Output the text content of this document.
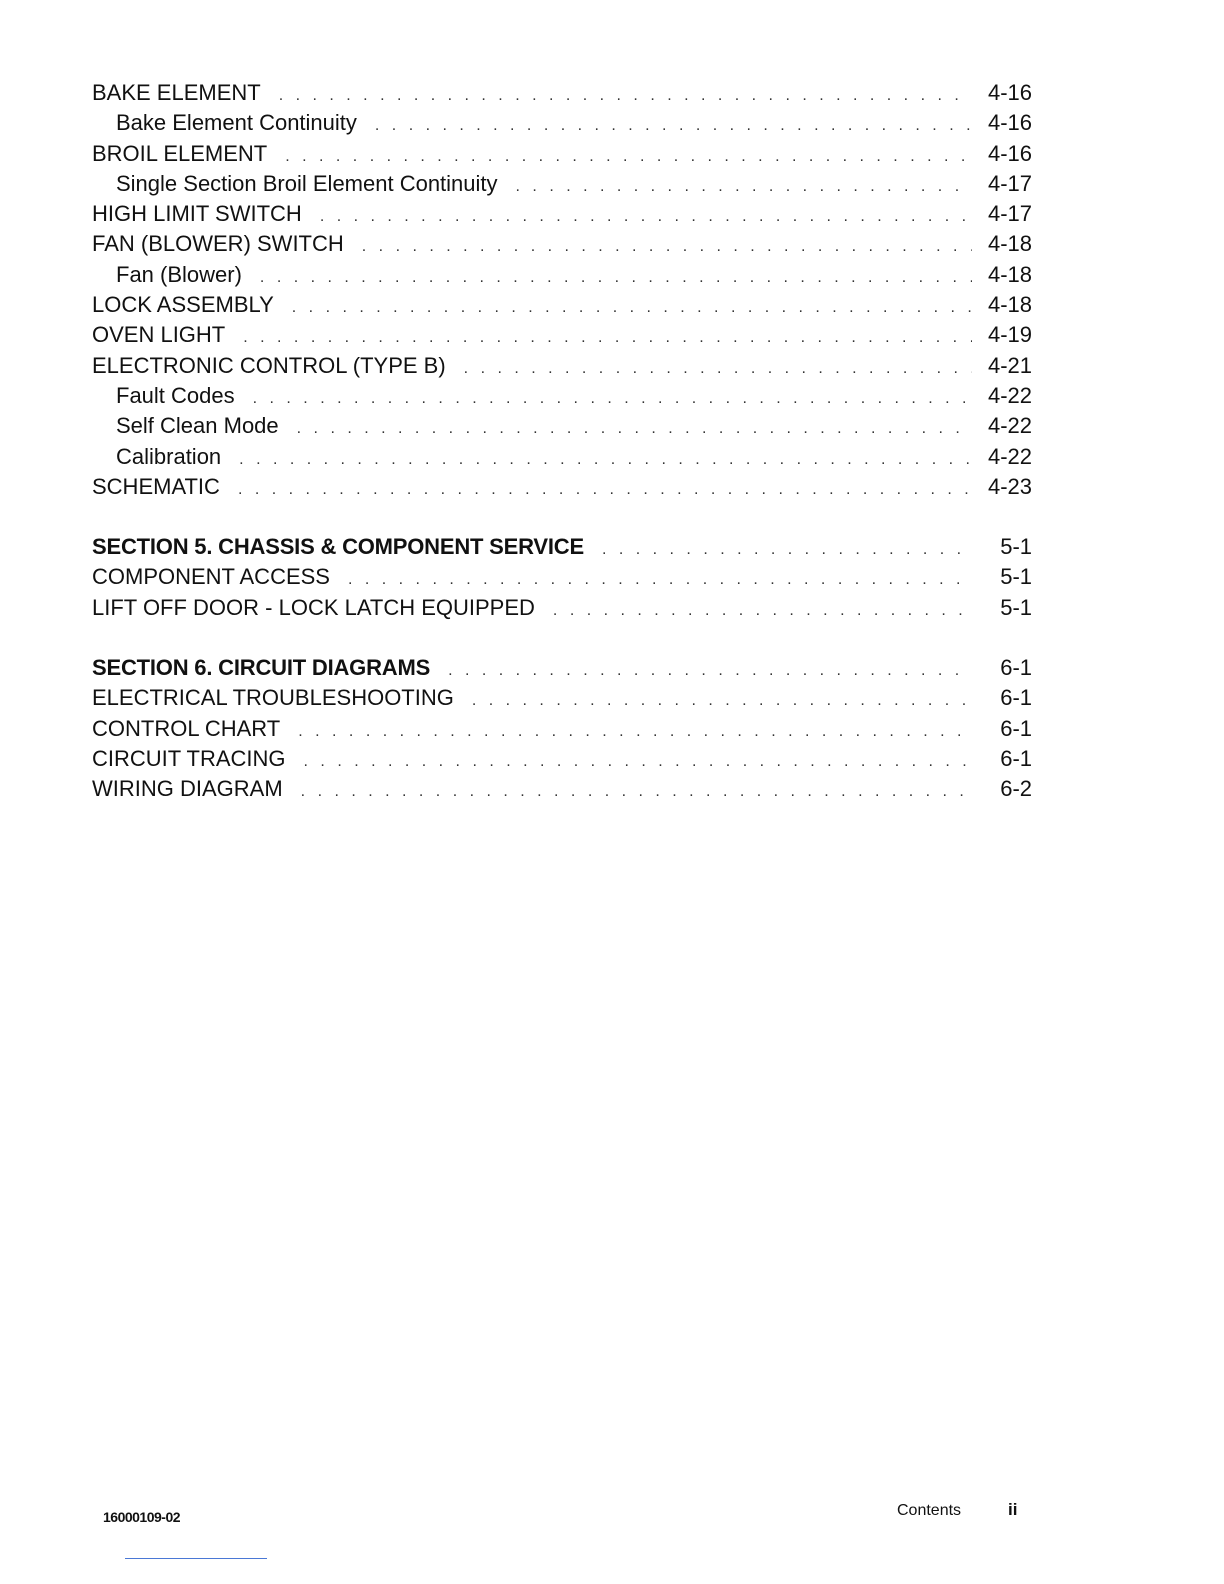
BAKE ELEMENT . . .	4-16
Bake Element Continuity . . .	4-16
BROIL ELEMENT . . .	4-16
Single Section Broil Element Continuity . . .	4-17
HIGH LIMIT SWITCH . . .	4-17
FAN (BLOWER) SWITCH . . .	4-18
Fan (Blower) . . .	4-18
LOCK ASSEMBLY . . .	4-18
OVEN LIGHT . . .	4-19
ELECTRONIC CONTROL (TYPE B) . . .	4-21
Fault Codes . . .	4-22
Self Clean Mode . . .	4-22
Calibration . . .	4-22
SCHEMATIC . . .	4-23
SECTION 5. CHASSIS & COMPONENT SERVICE . . .	5-1
COMPONENT ACCESS . . .	5-1
LIFT OFF DOOR - LOCK LATCH EQUIPPED . . .	5-1
SECTION 6. CIRCUIT DIAGRAMS . . .	6-1
ELECTRICAL TROUBLESHOOTING . . .	6-1
CONTROL CHART . . .	6-1
CIRCUIT TRACING . . .	6-1
WIRING DIAGRAM . . .	6-2
16000109-02	Contents	ii
